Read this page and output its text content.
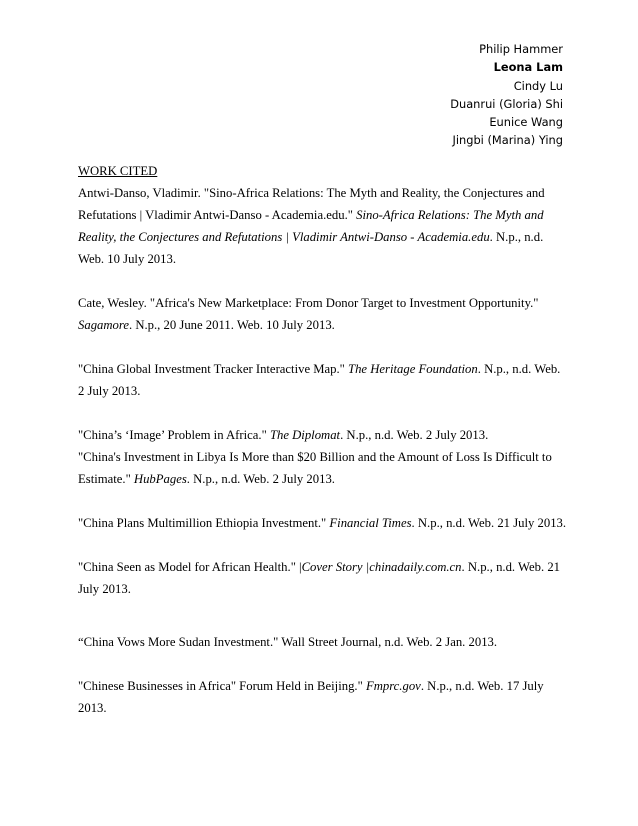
Philip Hammer
Leona Lam
Cindy Lu
Duanrui (Gloria) Shi
Eunice Wang
Jingbi (Marina) Ying
WORK CITED
Antwi-Danso, Vladimir. "Sino-Africa Relations: The Myth and Reality, the Conjectures and Refutations | Vladimir Antwi-Danso - Academia.edu." Sino-Africa Relations: The Myth and Reality, the Conjectures and Refutations | Vladimir Antwi-Danso - Academia.edu. N.p., n.d. Web. 10 July 2013.
Cate, Wesley. "Africa's New Marketplace: From Donor Target to Investment Opportunity." Sagamore. N.p., 20 June 2011. Web. 10 July 2013.
"China Global Investment Tracker Interactive Map." The Heritage Foundation. N.p., n.d. Web. 2 July 2013.
"China’s ‘Image’ Problem in Africa." The Diplomat. N.p., n.d. Web. 2 July 2013.
"China's Investment in Libya Is More than $20 Billion and the Amount of Loss Is Difficult to Estimate." HubPages. N.p., n.d. Web. 2 July 2013.
"China Plans Multimillion Ethiopia Investment." Financial Times. N.p., n.d. Web. 21 July 2013.
"China Seen as Model for African Health." |Cover Story |chinadaily.com.cn. N.p., n.d. Web. 21 July 2013.
“China Vows More Sudan Investment." Wall Street Journal, n.d. Web. 2 Jan. 2013.
"Chinese Businesses in Africa" Forum Held in Beijing." Fmprc.gov. N.p., n.d. Web. 17 July 2013.
